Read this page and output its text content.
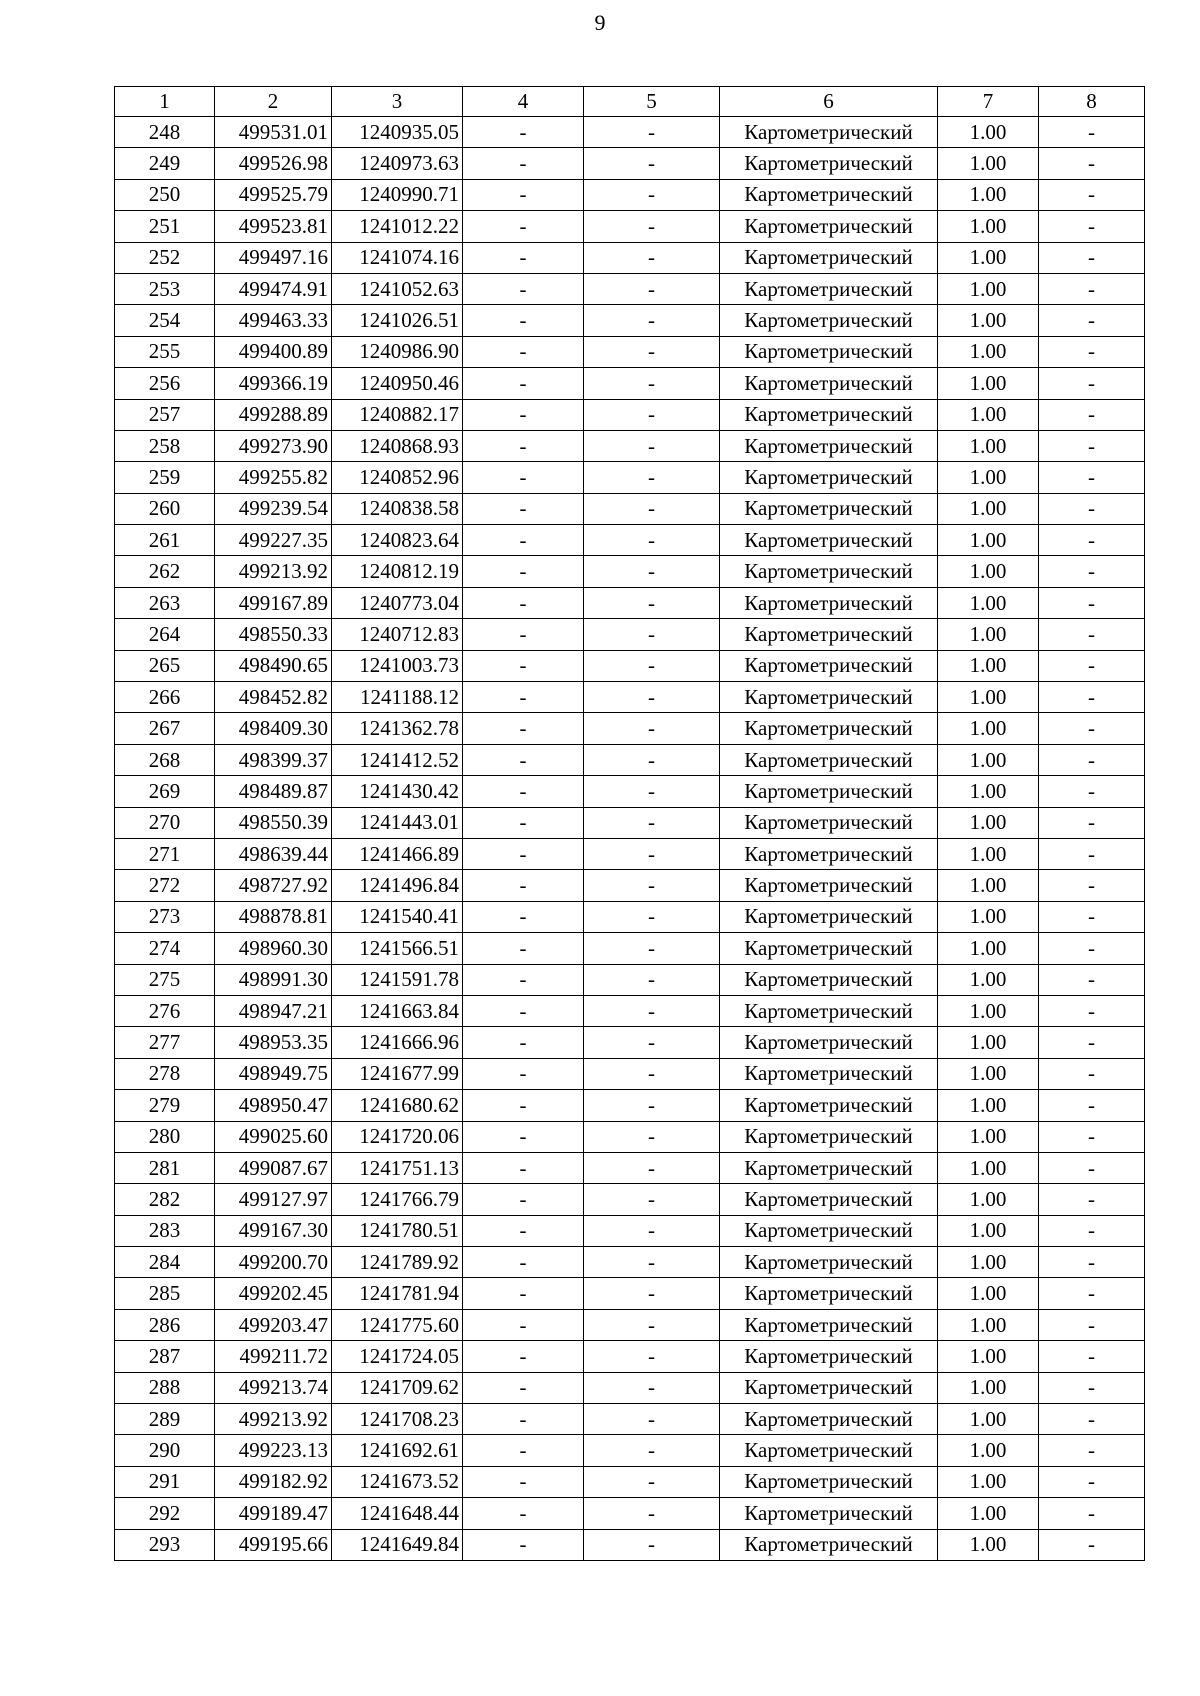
9
1	2	3	4	5	6	7	8
248	499531.01	1240935.05	-	-	Картометрический	1.00	-
249	499526.98	1240973.63	-	-	Картометрический	1.00	-
250	499525.79	1240990.71	-	-	Картометрический	1.00	-
251	499523.81	1241012.22	-	-	Картометрический	1.00	-
252	499497.16	1241074.16	-	-	Картометрический	1.00	-
253	499474.91	1241052.63	-	-	Картометрический	1.00	-
254	499463.33	1241026.51	-	-	Картометрический	1.00	-
255	499400.89	1240986.90	-	-	Картометрический	1.00	-
256	499366.19	1240950.46	-	-	Картометрический	1.00	-
257	499288.89	1240882.17	-	-	Картометрический	1.00	-
258	499273.90	1240868.93	-	-	Картометрический	1.00	-
259	499255.82	1240852.96	-	-	Картометрический	1.00	-
260	499239.54	1240838.58	-	-	Картометрический	1.00	-
261	499227.35	1240823.64	-	-	Картометрический	1.00	-
262	499213.92	1240812.19	-	-	Картометрический	1.00	-
263	499167.89	1240773.04	-	-	Картометрический	1.00	-
264	498550.33	1240712.83	-	-	Картометрический	1.00	-
265	498490.65	1241003.73	-	-	Картометрический	1.00	-
266	498452.82	1241188.12	-	-	Картометрический	1.00	-
267	498409.30	1241362.78	-	-	Картометрический	1.00	-
268	498399.37	1241412.52	-	-	Картометрический	1.00	-
269	498489.87	1241430.42	-	-	Картометрический	1.00	-
270	498550.39	1241443.01	-	-	Картометрический	1.00	-
271	498639.44	1241466.89	-	-	Картометрический	1.00	-
272	498727.92	1241496.84	-	-	Картометрический	1.00	-
273	498878.81	1241540.41	-	-	Картометрический	1.00	-
274	498960.30	1241566.51	-	-	Картометрический	1.00	-
275	498991.30	1241591.78	-	-	Картометрический	1.00	-
276	498947.21	1241663.84	-	-	Картометрический	1.00	-
277	498953.35	1241666.96	-	-	Картометрический	1.00	-
278	498949.75	1241677.99	-	-	Картометрический	1.00	-
279	498950.47	1241680.62	-	-	Картометрический	1.00	-
280	499025.60	1241720.06	-	-	Картометрический	1.00	-
281	499087.67	1241751.13	-	-	Картометрический	1.00	-
282	499127.97	1241766.79	-	-	Картометрический	1.00	-
283	499167.30	1241780.51	-	-	Картометрический	1.00	-
284	499200.70	1241789.92	-	-	Картометрический	1.00	-
285	499202.45	1241781.94	-	-	Картометрический	1.00	-
286	499203.47	1241775.60	-	-	Картометрический	1.00	-
287	499211.72	1241724.05	-	-	Картометрический	1.00	-
288	499213.74	1241709.62	-	-	Картометрический	1.00	-
289	499213.92	1241708.23	-	-	Картометрический	1.00	-
290	499223.13	1241692.61	-	-	Картометрический	1.00	-
291	499182.92	1241673.52	-	-	Картометрический	1.00	-
292	499189.47	1241648.44	-	-	Картометрический	1.00	-
293	499195.66	1241649.84	-	-	Картометрический	1.00	-
